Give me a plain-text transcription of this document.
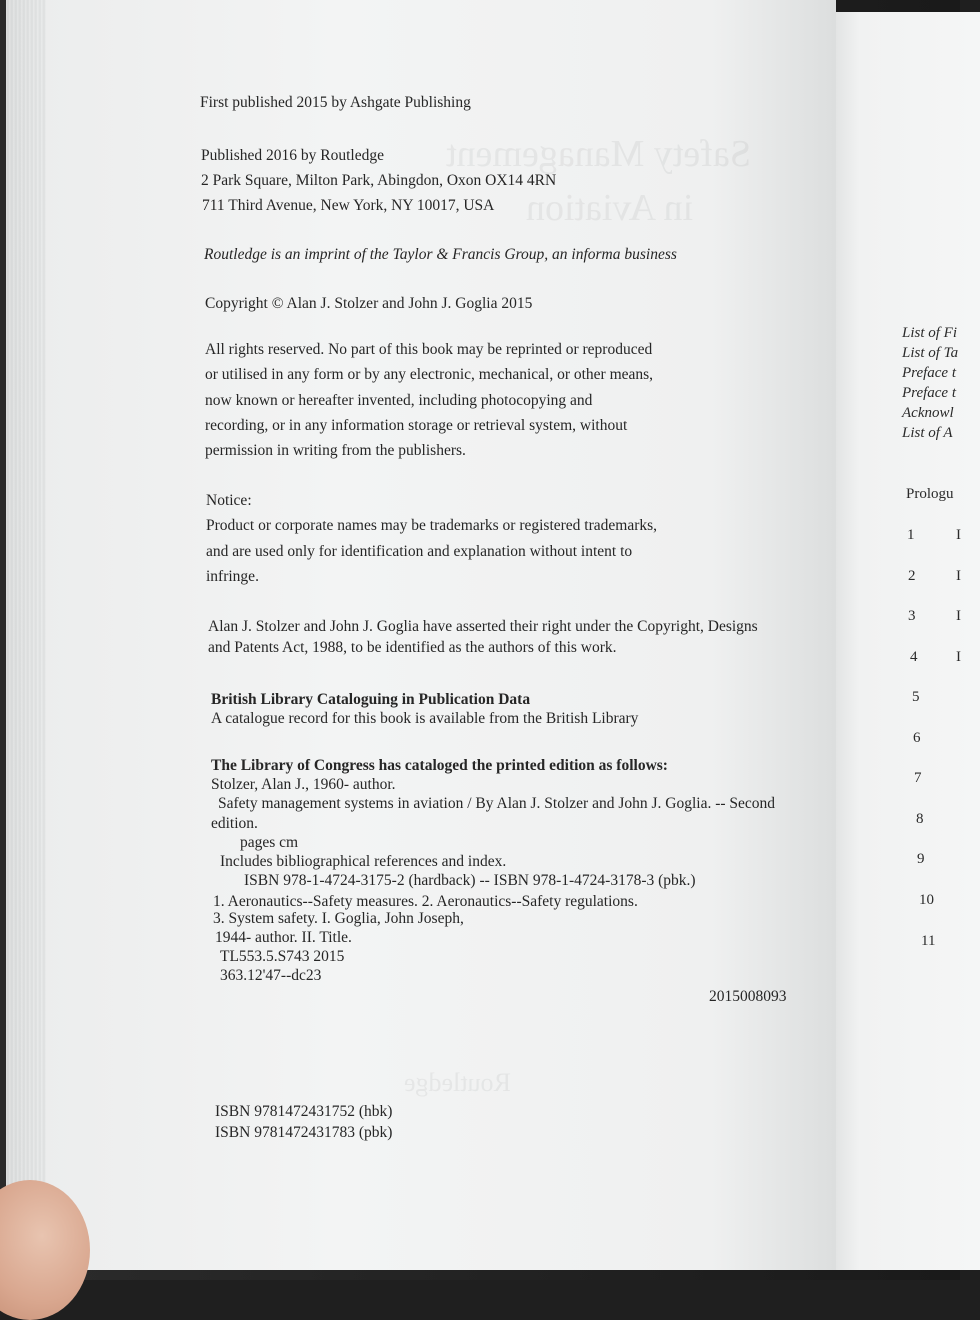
List of Fi
List of Ta
Preface t
Preface t
Acknowl
List of A
Prologu
1
2
3
4
5
6
7
8
9
10
11
I
I
I
I
Safety Management
in Aviation
Routledge
First published 2015 by Ashgate Publishing
Published 2016 by Routledge
2 Park Square, Milton Park, Abingdon, Oxon OX14 4RN
711 Third Avenue, New York, NY 10017, USA
Routledge is an imprint of the Taylor & Francis Group, an informa business
Copyright © Alan J. Stolzer and John J. Goglia 2015
All rights reserved. No part of this book may be reprinted or reproduced
or utilised in any form or by any electronic, mechanical, or other means,
now known or hereafter invented, including photocopying and
recording, or in any information storage or retrieval system, without
permission in writing from the publishers.
Notice:
Product or corporate names may be trademarks or registered trademarks,
and are used only for identification and explanation without intent to
infringe.
Alan J. Stolzer and John J. Goglia have asserted their right under the Copyright, Designs
and Patents Act, 1988, to be identified as the authors of this work.
British Library Cataloguing in Publication Data
A catalogue record for this book is available from the British Library
The Library of Congress has cataloged the printed edition as follows:
Stolzer, Alan J., 1960- author.
Safety management systems in aviation / By Alan J. Stolzer and John J. Goglia. -- Second
edition.
pages cm
Includes bibliographical references and index.
ISBN 978-1-4724-3175-2 (hardback) -- ISBN 978-1-4724-3178-3 (pbk.)
1. Aeronautics--Safety measures. 2. Aeronautics--Safety regulations.
3. System safety. I. Goglia, John Joseph,
1944- author. II. Title.
TL553.5.S743 2015
363.12'47--dc23
2015008093
ISBN 9781472431752 (hbk)
ISBN 9781472431783 (pbk)
